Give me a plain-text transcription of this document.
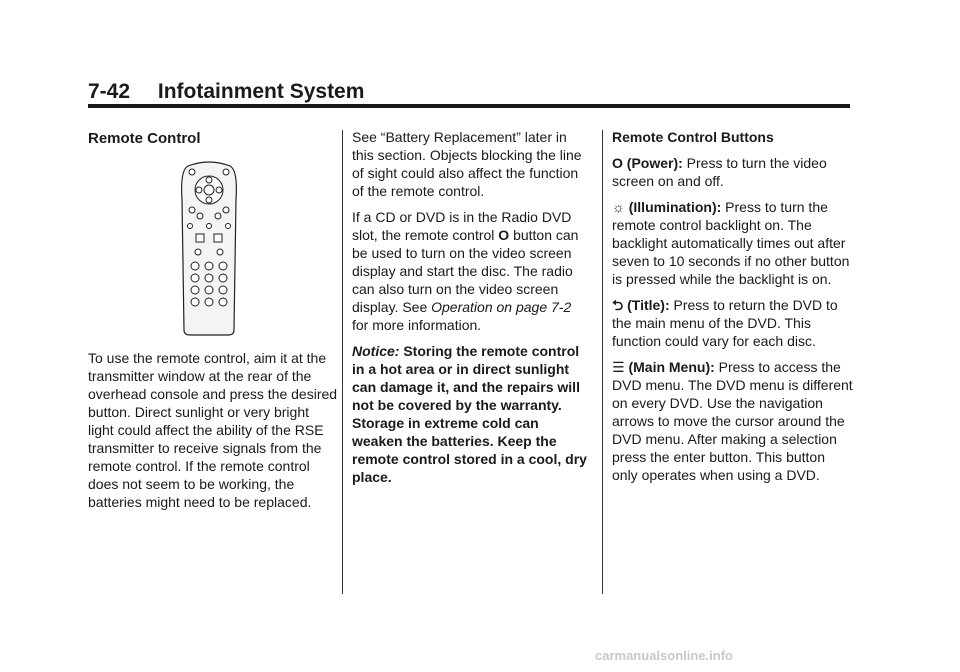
7-42 Infotainment System
Remote Control
To use the remote control, aim it at the transmitter window at the rear of the overhead console and press the desired button. Direct sunlight or very bright light could affect the ability of the RSE transmitter to receive signals from the remote control. If the remote control does not seem to be working, the batteries might need to be replaced.

See “Battery Replacement” later in this section. Objects blocking the line of sight could also affect the function of the remote control.

If a CD or DVD is in the Radio DVD slot, the remote control O button can be used to turn on the video screen display and start the disc. The radio can also turn on the video screen display. See Operation on page 7-2 for more information.

Notice: Storing the remote control in a hot area or in direct sunlight can damage it, and the repairs will not be covered by the warranty. Storage in extreme cold can weaken the batteries. Keep the remote control stored in a cool, dry place.

Remote Control Buttons

O (Power): Press to turn the video screen on and off.

☼ (Illumination): Press to turn the remote control backlight on. The backlight automatically times out after seven to 10 seconds if no other button is pressed while the backlight is on.

⮌ (Title): Press to return the DVD to the main menu of the DVD. This function could vary for each disc.

☰ (Main Menu): Press to access the DVD menu. The DVD menu is different on every DVD. Use the navigation arrows to move the cursor around the DVD menu. After making a selection press the enter button. This button only operates when using a DVD.

carmanualsonline.info
